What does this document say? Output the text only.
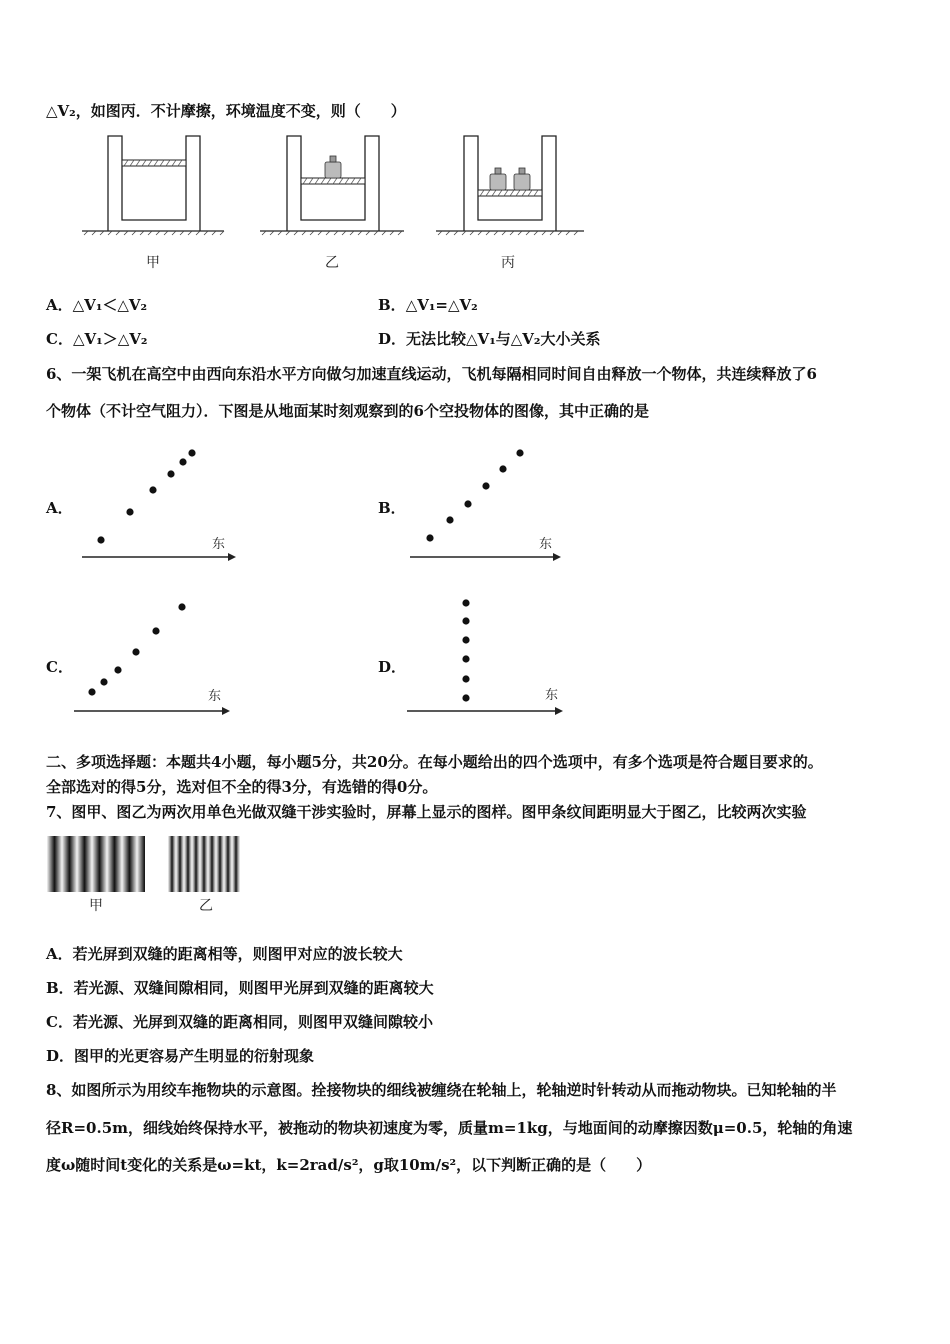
△V₂，如图丙．不计摩擦，环境温度不变，则（　　）
甲	乙	丙
A．△V₁＜△V₂	B．△V₁=△V₂
C．△V₁＞△V₂	D．无法比较△V₁与△V₂大小关系
6、一架飞机在高空中由西向东沿水平方向做匀加速直线运动，飞机每隔相同时间自由释放一个物体，共连续释放了6
个物体（不计空气阻力）．下图是从地面某时刻观察到的6个空投物体的图像，其中正确的是
A．
东
B．
东
C．
东
D．
东
二、多项选择题：本题共4小题，每小题5分，共20分。在每小题给出的四个选项中，有多个选项是符合题目要求的。
全部选对的得5分，选对但不全的得3分，有选错的得0分。
7、图甲、图乙为两次用单色光做双缝干涉实验时，屏幕上显示的图样。图甲条纹间距明显大于图乙，比较两次实验
甲	乙
A．若光屏到双缝的距离相等，则图甲对应的波长较大
B．若光源、双缝间隙相同，则图甲光屏到双缝的距离较大
C．若光源、光屏到双缝的距离相同，则图甲双缝间隙较小
D．图甲的光更容易产生明显的衍射现象
8、如图所示为用绞车拖物块的示意图。拴接物块的细线被缠绕在轮轴上，轮轴逆时针转动从而拖动物块。已知轮轴的半
径R=0.5m，细线始终保持水平，被拖动的物块初速度为零，质量m=1kg，与地面间的动摩擦因数μ=0.5，轮轴的角速
度ω随时间t变化的关系是ω=kt，k=2rad/s²，g取10m/s²，以下判断正确的是（　　）
